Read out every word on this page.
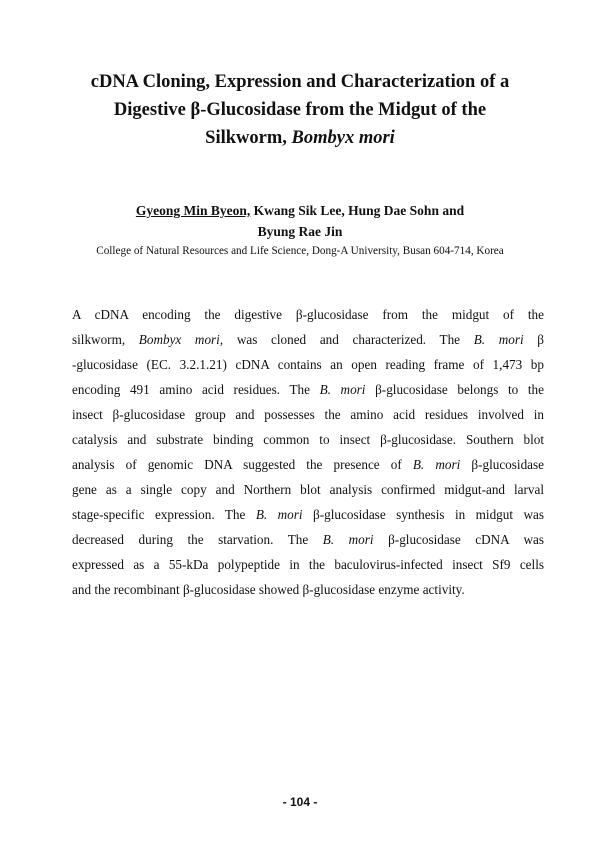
cDNA Cloning, Expression and Characterization of a
Digestive β-Glucosidase from the Midgut of the
Silkworm, Bombyx mori
Gyeong Min Byeon, Kwang Sik Lee, Hung Dae Sohn and
Byung Rae Jin
College of Natural Resources and Life Science, Dong-A University, Busan 604-714, Korea
A cDNA encoding the digestive β-glucosidase from the midgut of the
silkworm, Bombyx mori, was cloned and characterized. The B. mori β
-glucosidase (EC. 3.2.1.21) cDNA contains an open reading frame of 1,473 bp
encoding 491 amino acid residues. The B. mori β-glucosidase belongs to the
insect β-glucosidase group and possesses the amino acid residues involved in
catalysis and substrate binding common to insect β-glucosidase. Southern blot
analysis of genomic DNA suggested the presence of B. mori β-glucosidase
gene as a single copy and Northern blot analysis confirmed midgut-and larval
stage-specific expression. The B. mori β-glucosidase synthesis in midgut was
decreased during the starvation. The B. mori β-glucosidase cDNA was
expressed as a 55-kDa polypeptide in the baculovirus-infected insect Sf9 cells
and the recombinant β-glucosidase showed β-glucosidase enzyme activity.
- 104 -
